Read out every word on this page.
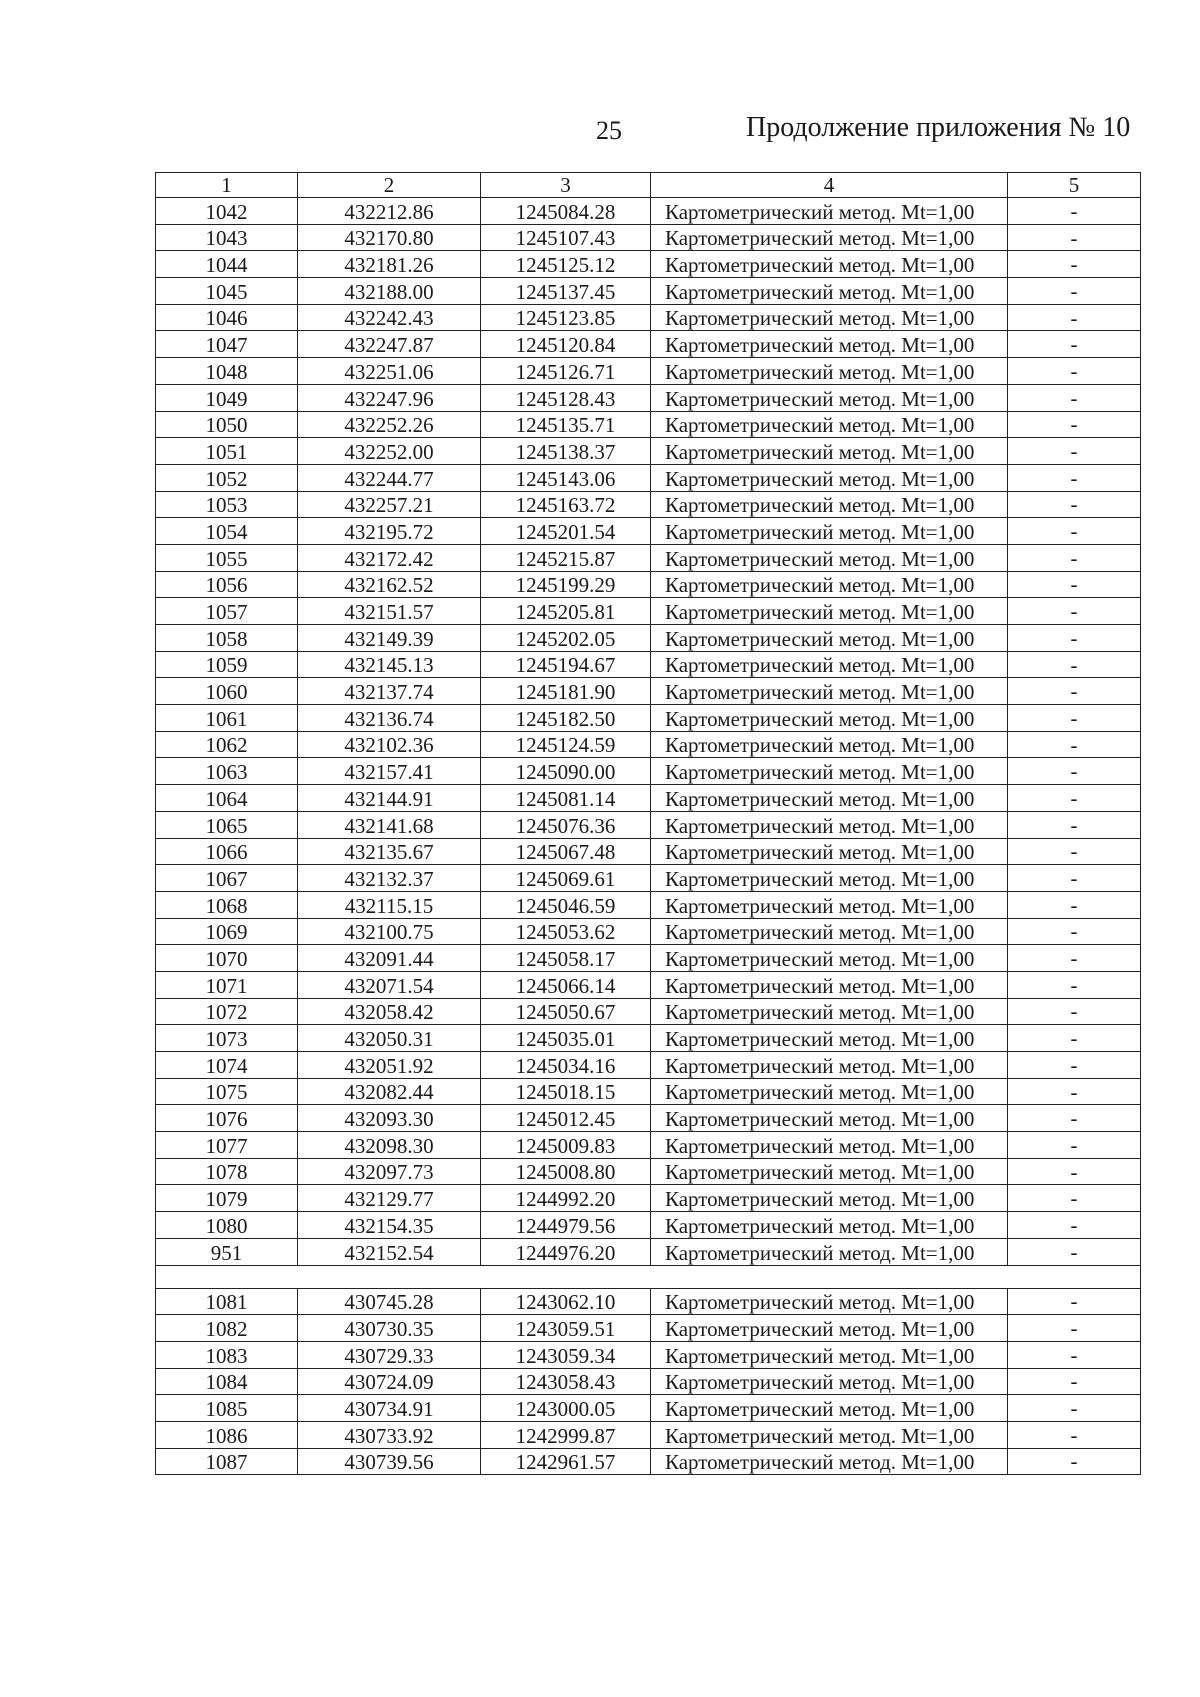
25	Продолжение приложения № 10
1	2	3	4	5
1042	432212.86	1245084.28	Картометрический метод. Mt=1,00	-
1043	432170.80	1245107.43	Картометрический метод. Mt=1,00	-
1044	432181.26	1245125.12	Картометрический метод. Mt=1,00	-
1045	432188.00	1245137.45	Картометрический метод. Mt=1,00	-
1046	432242.43	1245123.85	Картометрический метод. Mt=1,00	-
1047	432247.87	1245120.84	Картометрический метод. Mt=1,00	-
1048	432251.06	1245126.71	Картометрический метод. Mt=1,00	-
1049	432247.96	1245128.43	Картометрический метод. Mt=1,00	-
1050	432252.26	1245135.71	Картометрический метод. Mt=1,00	-
1051	432252.00	1245138.37	Картометрический метод. Mt=1,00	-
1052	432244.77	1245143.06	Картометрический метод. Mt=1,00	-
1053	432257.21	1245163.72	Картометрический метод. Mt=1,00	-
1054	432195.72	1245201.54	Картометрический метод. Mt=1,00	-
1055	432172.42	1245215.87	Картометрический метод. Mt=1,00	-
1056	432162.52	1245199.29	Картометрический метод. Mt=1,00	-
1057	432151.57	1245205.81	Картометрический метод. Mt=1,00	-
1058	432149.39	1245202.05	Картометрический метод. Mt=1,00	-
1059	432145.13	1245194.67	Картометрический метод. Mt=1,00	-
1060	432137.74	1245181.90	Картометрический метод. Mt=1,00	-
1061	432136.74	1245182.50	Картометрический метод. Mt=1,00	-
1062	432102.36	1245124.59	Картометрический метод. Mt=1,00	-
1063	432157.41	1245090.00	Картометрический метод. Mt=1,00	-
1064	432144.91	1245081.14	Картометрический метод. Mt=1,00	-
1065	432141.68	1245076.36	Картометрический метод. Mt=1,00	-
1066	432135.67	1245067.48	Картометрический метод. Mt=1,00	-
1067	432132.37	1245069.61	Картометрический метод. Mt=1,00	-
1068	432115.15	1245046.59	Картометрический метод. Mt=1,00	-
1069	432100.75	1245053.62	Картометрический метод. Mt=1,00	-
1070	432091.44	1245058.17	Картометрический метод. Mt=1,00	-
1071	432071.54	1245066.14	Картометрический метод. Mt=1,00	-
1072	432058.42	1245050.67	Картометрический метод. Mt=1,00	-
1073	432050.31	1245035.01	Картометрический метод. Mt=1,00	-
1074	432051.92	1245034.16	Картометрический метод. Mt=1,00	-
1075	432082.44	1245018.15	Картометрический метод. Mt=1,00	-
1076	432093.30	1245012.45	Картометрический метод. Mt=1,00	-
1077	432098.30	1245009.83	Картометрический метод. Mt=1,00	-
1078	432097.73	1245008.80	Картометрический метод. Mt=1,00	-
1079	432129.77	1244992.20	Картометрический метод. Mt=1,00	-
1080	432154.35	1244979.56	Картометрический метод. Mt=1,00	-
951	432152.54	1244976.20	Картометрический метод. Mt=1,00	-

1081	430745.28	1243062.10	Картометрический метод. Mt=1,00	-
1082	430730.35	1243059.51	Картометрический метод. Mt=1,00	-
1083	430729.33	1243059.34	Картометрический метод. Mt=1,00	-
1084	430724.09	1243058.43	Картометрический метод. Mt=1,00	-
1085	430734.91	1243000.05	Картометрический метод. Mt=1,00	-
1086	430733.92	1242999.87	Картометрический метод. Mt=1,00	-
1087	430739.56	1242961.57	Картометрический метод. Mt=1,00	-
